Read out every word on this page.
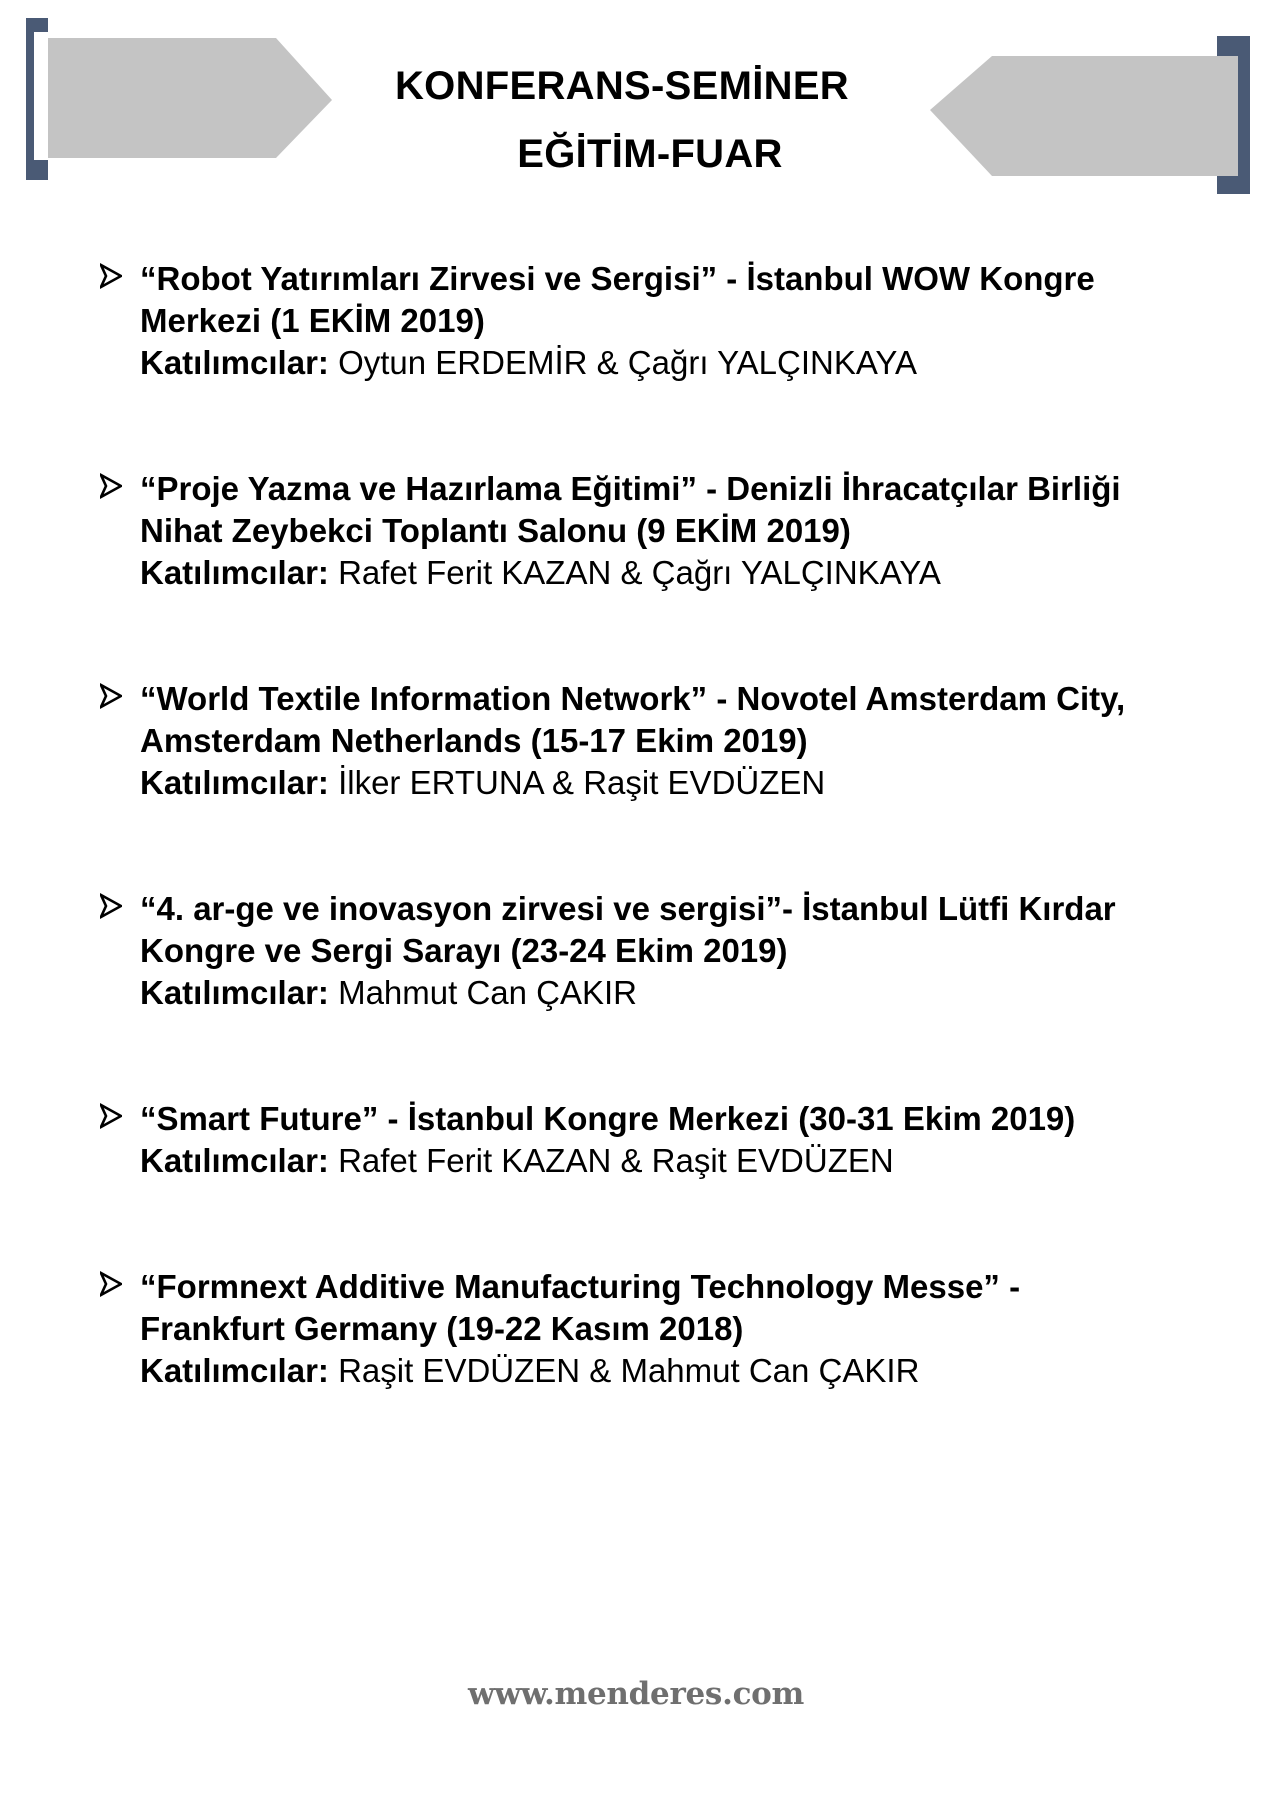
KONFERANS-SEMİNER
EĞİTİM-FUAR
“Robot Yatırımları Zirvesi ve Sergisi” - İstanbul WOW Kongre
Merkezi (1 EKİM 2019)
Katılımcılar: Oytun ERDEMİR & Çağrı YALÇINKAYA
“Proje Yazma ve Hazırlama Eğitimi” - Denizli İhracatçılar Birliği
Nihat Zeybekci Toplantı Salonu (9 EKİM 2019)
Katılımcılar: Rafet Ferit KAZAN & Çağrı YALÇINKAYA
“World Textile Information Network” - Novotel Amsterdam City,
Amsterdam Netherlands (15-17 Ekim 2019)
Katılımcılar: İlker ERTUNA & Raşit EVDÜZEN
“4. ar-ge ve inovasyon zirvesi ve sergisi”- İstanbul Lütfi Kırdar
Kongre ve Sergi Sarayı (23-24 Ekim 2019)
Katılımcılar: Mahmut Can ÇAKIR
“Smart Future” - İstanbul Kongre Merkezi (30-31 Ekim 2019)
Katılımcılar: Rafet Ferit KAZAN & Raşit EVDÜZEN
“Formnext Additive Manufacturing Technology Messe” -
Frankfurt Germany (19-22 Kasım 2018)
Katılımcılar: Raşit EVDÜZEN & Mahmut Can ÇAKIR
www.menderes.com
